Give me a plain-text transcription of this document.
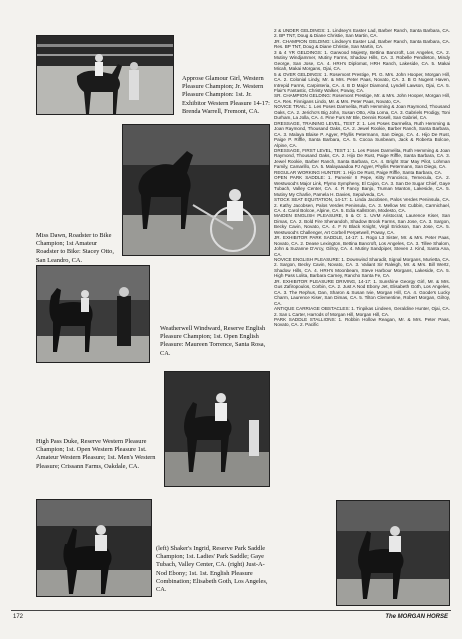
Approse Glamour Girl, Western Pleasure Champion; Jr. Western Pleasure Champion: 1st. Jr. Exhibitor Western Pleasure 14-17: Brenda Warrell, Fremont, CA.
Miss Dawn, Roadster to Bike Champion; 1st Amateur Roadster to Bike: Stacey Otto, San Leandro, CA.
Weatherwell Windward, Reserve English Pleasure Champion; 1st. Open English Pleasure: Maureen Torrence, Santa Rosa, CA.
High Pass Duke, Reserve Western Pleasure Champion; 1st. Open Western Pleasure 1st. Amateur Western Pleasure; 1st. Men's Western Pleasure; Crissann Farms, Oakdale, CA.
(left) Shaker's Ingrid, Reserve Park Saddle Champion; 1st. Ladies' Park Saddle; Gaye Tubach, Valley Center, CA. (right) Just-A-Nod Ebony; 1st. 1st. English Pleasure Combination; Elisabeth Goth, Los Angeles, CA.

2 & UNDER GELDINGS: 1. Lindsey's Easter Lad, Barber Ranch, Santa Barbara, CA. 2. BP TNT, Doug & Diane Christie, San Martin, CA.

JR. CHAMPION GELDING: Lindsey's Easter Lad, Barber Ranch, Santa Barbara, CA. Res. BP TNT, Doug & Diane Christie, San Martin, CA.

3 & 4 YR GELDINGS: 1. Garwood Majesty, Bettina Bancroft, Los Angeles, CA. 2. Mutiny Windjammer, Mutiny Farms, Shadow Hills, CA. 3. Robelle Pendleton, Mindy George, San Jose, CA. 4. HRH's Diplomat, HRH Ranch, Lakeside, CA. 5. Makai Micah, Makai Morgans, Ojai, CA.

5 & OVER GELDINGS: 1. Rosemont Prestige, Pt. G. Mrs. John Hooper, Morgan Hill, CA. 2. Colonial Lindy, Mr. & Mrs. Peter Paas, Novato, CA. 3. B G Nugent Haven, Intrepid Farms, Carpinteria, CA. 4. B D Major Diamond, Lyndell Lawson, Ojai, CA. 5. Flair's Fantastic, Christy Walker, Poway, CA.

SR. CHAMPION GELDING: Rosemont Prestige, Mr. & Mrs. John Hooper, Morgan Hill, CA. Res. Finnigans Lindo, Mr. & Mrs. Peter Paas, Novato, CA.

NOVICE TRAIL: 1. Les Poses Darmelita, Ruth Hemming & Joan Raymond, Thousand Oaks, CA. 2. Jericho's Big John, Susan Otto, Alta Loma, CA. 3. Gabriels Prodigy, Toni Durham, La Jolla, CA. 4. Pine Furs Mr Ble, Dennis Rosell, San Gabriel, CA.

DRESSAGE, TRAINING LEVEL, TEST 2: 1. Les Poses Darmelita, Ruth Hemming & Joan Raymond, Thousand Oaks, CA. 2. Jewel Rookie, Barber Ranch, Santa Barbara, CA. 3. Malaya Blaise P. Agyer, Phyllis Petermann, San Diego, CA. 4. Hijo De Rust, Paige P. Riffle, Santa Barbara, CA. 5. Cocoa Sunbeam, Jack & Roberta Bolcoe, Alpine, CA.

DRESSAGE, FIRST LEVEL, TEST 1: 1. Les Poses Darmelita, Ruth Hemming & Joan Raymond, Thousand Oaks, CA. 2. Hijo De Rust, Paige Riffle, Santa Barbara, CA. 3. Jewel Rookie, Barber Ranch, Santa Barbara, CA. 4. Bright Star May Pilot, Lohman Family, Camarillo, CA. 5. Malayaaadoa PJ Agyer, Phyllis Petermann, San Diego, CA.

REGULAR WORKING HUNTER: 1. Hijo De Rust, Paige Riffle, Santa Barbara, CA.

OPEN PARK SADDLE: 1. Parvenir II Pepe, Kitty Francisco, Temecula, CA. 2. Westwood's Major Link, Plymo Sympheny, El Cajon, CA. 3. San De Sugar Chief, Gaye Tubach, Valley Center, CA. 4. R Fancy Banjo, Truman Manton, Lakeside, CA. 5. Mutiny My Charlie, Pamela H. Davies, Sepulveda, CA.

STOCK SEAT EQUITATION, 14-17: 1. Linda Jacobsen, Palos Verdes Peninsula, CA. 2. Kathy Jacobsen, Palos Verdes Peninsula, CA. 3. Mellow Mc Cubbin, Carmichael, CA. 4. Carol Bolcoe, Alpine, CA. 5. Edia Kallstrom, Modesto, CA.

MAIDEN ENGLISH PLEASURE, 5 & O: 1. UVM Aristocrat, Laurence Kiser, San Dimas, CA. 2. Bold Fire Shenandoh, Shadow Brook Farms, San Jose, CA. 3. Sargon, Becky Cavin, Novato, CA. 4. F N Black Knight, Virgil Erickson, San Jose, CA. 5. Westwood's Challenger, Art Corbell Perpetwell, Poway, CA.

JR. EXHIBITOR PARK SADDLE, 14-17: 1. Rogo L3 Sister, Mr. & Mrs. Peter Paas, Novato, CA. 2. Dease Lexington, Bettina Bancroft, Los Angeles, CA. 3. Tillee Shalom, John & Suzanne D'Arcy, Gilroy, CA. 4. Mutiny Sandpiper, Steven J. Kind, Santa Ana, CA.

NOVICE ENGLISH PLEASURE: 1. Downwind Sharadit, Signal Morgans, Murietta, CA. 2. Sargon, Becky Cavin, Novato, CA. 3. Valiant Sir Raleigh, Mr. & Mrs. Bill Wertz, Shadow Hills, CA. 4. HRH's Moonbeam, Steve Harbour Morgans, Lakeside, CA. 5. High Pass Lolita, Barbara Carney, Rancho Santa Fe, CA.

JR. EXHIBITOR PLEASURE DRIVING, 14-17: 1. Sunshine Georgy Girl, Mr. & Mrs. Gus Zafiropoulos, Corbin, CA. 2. Just A Nod Ebony Jet, Elisabeth Goth, Los Angeles, CA. 3. The Rephus, Dan, Sharon & Susan Ivie, Morgan Hill, CA. 4. Goode's Lucky Charm, Laurence Kiser, San Dimas, CA. 5. Tilton Clementine, Robert Morgan, Gilroy, CA.

ANTIQUE CARRIAGE OBSTACLES: 1. Tinpikas Lindeen, Geraldine Hunter, Ojai, CA. 2. San L Carter, Harrods of Morgan Hill, Morgan Hill, CA.

PARK SADDLE STALLIONS: 1. Robbin Hollow Reagan, Mr. & Mrs. Peter Paas, Novato, CA. 2. Pacific

172	The MORGAN HORSE
